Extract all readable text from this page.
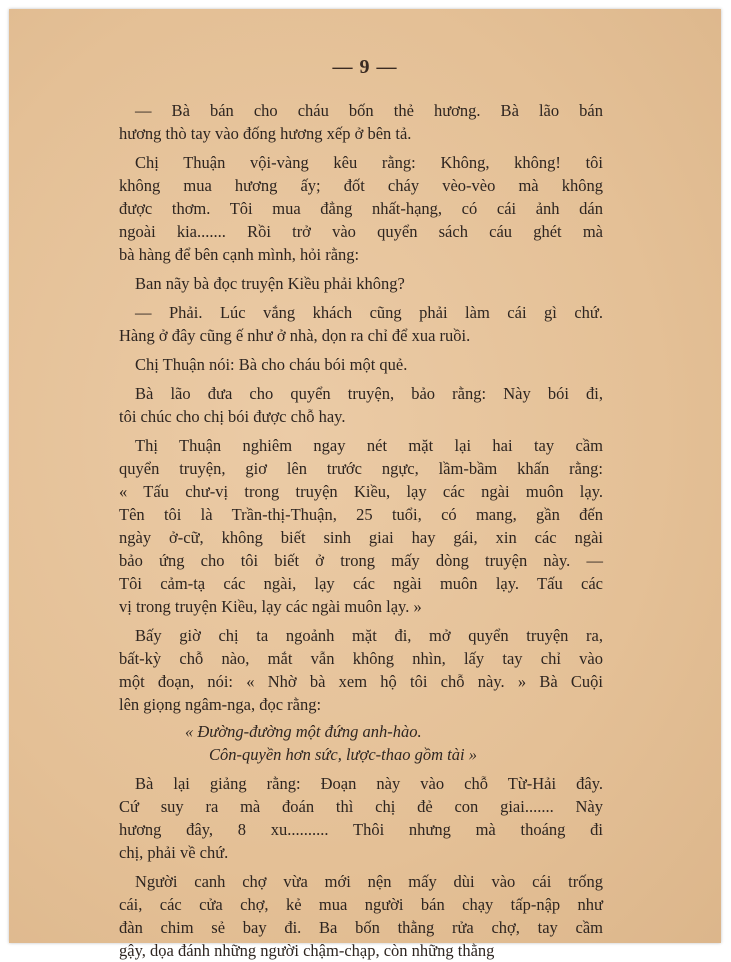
— 9 —

— Bà bán cho cháu bốn thẻ hương. Bà lão bán

hương thò tay vào đống hương xếp ở bên tả.

Chị Thuận vội-vàng kêu rằng: Không, không! tôi

không mua hương ấy; đốt cháy vèo-vèo mà không

được thơm. Tôi mua đẳng nhất-hạng, có cái ảnh dán

ngoài kia....... Rồi trở vào quyển sách cáu ghét mà

bà hàng để bên cạnh mình, hỏi rằng:

Ban nãy bà đọc truyện Kiều phải không?

— Phải. Lúc vắng khách cũng phải làm cái gì chứ.

Hàng ở đây cũng ế như ở nhà, dọn ra chỉ để xua ruồi.

Chị Thuận nói: Bà cho cháu bói một quẻ.

Bà lão đưa cho quyển truyện, bảo rằng: Này bói đi,

tôi chúc cho chị bói được chỗ hay.

Thị Thuận nghiêm ngay nét mặt lại hai tay cầm

quyển truyện, giơ lên trước ngực, lầm-bầm khấn rằng:

« Tấu chư-vị trong truyện Kiều, lạy các ngài muôn lạy.

Tên tôi là Trần-thị-Thuận, 25 tuổi, có mang, gần đến

ngày ở-cữ, không biết sinh giai hay gái, xin các ngài

bảo ứng cho tôi biết ở trong mấy dòng truyện này. —

Tôi cảm-tạ các ngài, lạy các ngài muôn lạy. Tấu các

vị trong truyện Kiều, lạy các ngài muôn lạy. »

Bấy giờ chị ta ngoảnh mặt đi, mở quyển truyện ra,

bất-kỳ chỗ nào, mắt vẫn không nhìn, lấy tay chỉ vào

một đoạn, nói: « Nhờ bà xem hộ tôi chỗ này. » Bà Cuội

lên giọng ngâm-nga, đọc rằng:

« Đường-đường một đứng anh-hào.

Côn-quyền hơn sức, lược-thao gồm tài »

Bà lại giảng rằng: Đoạn này vào chỗ Từ-Hải đây.

Cứ suy ra mà đoán thì chị đẻ con giai....... Này

hương đây, 8 xu.......... Thôi nhưng mà thoáng đi

chị, phải về chứ.

Người canh chợ vừa mới nện mấy dùi vào cái trống

cái, các cửa chợ, kẻ mua người bán chạy tấp-nập như

đàn chim sẻ bay đi. Ba bốn thằng rửa chợ, tay cầm

gậy, dọa đánh những người chậm-chạp, còn những thằng
